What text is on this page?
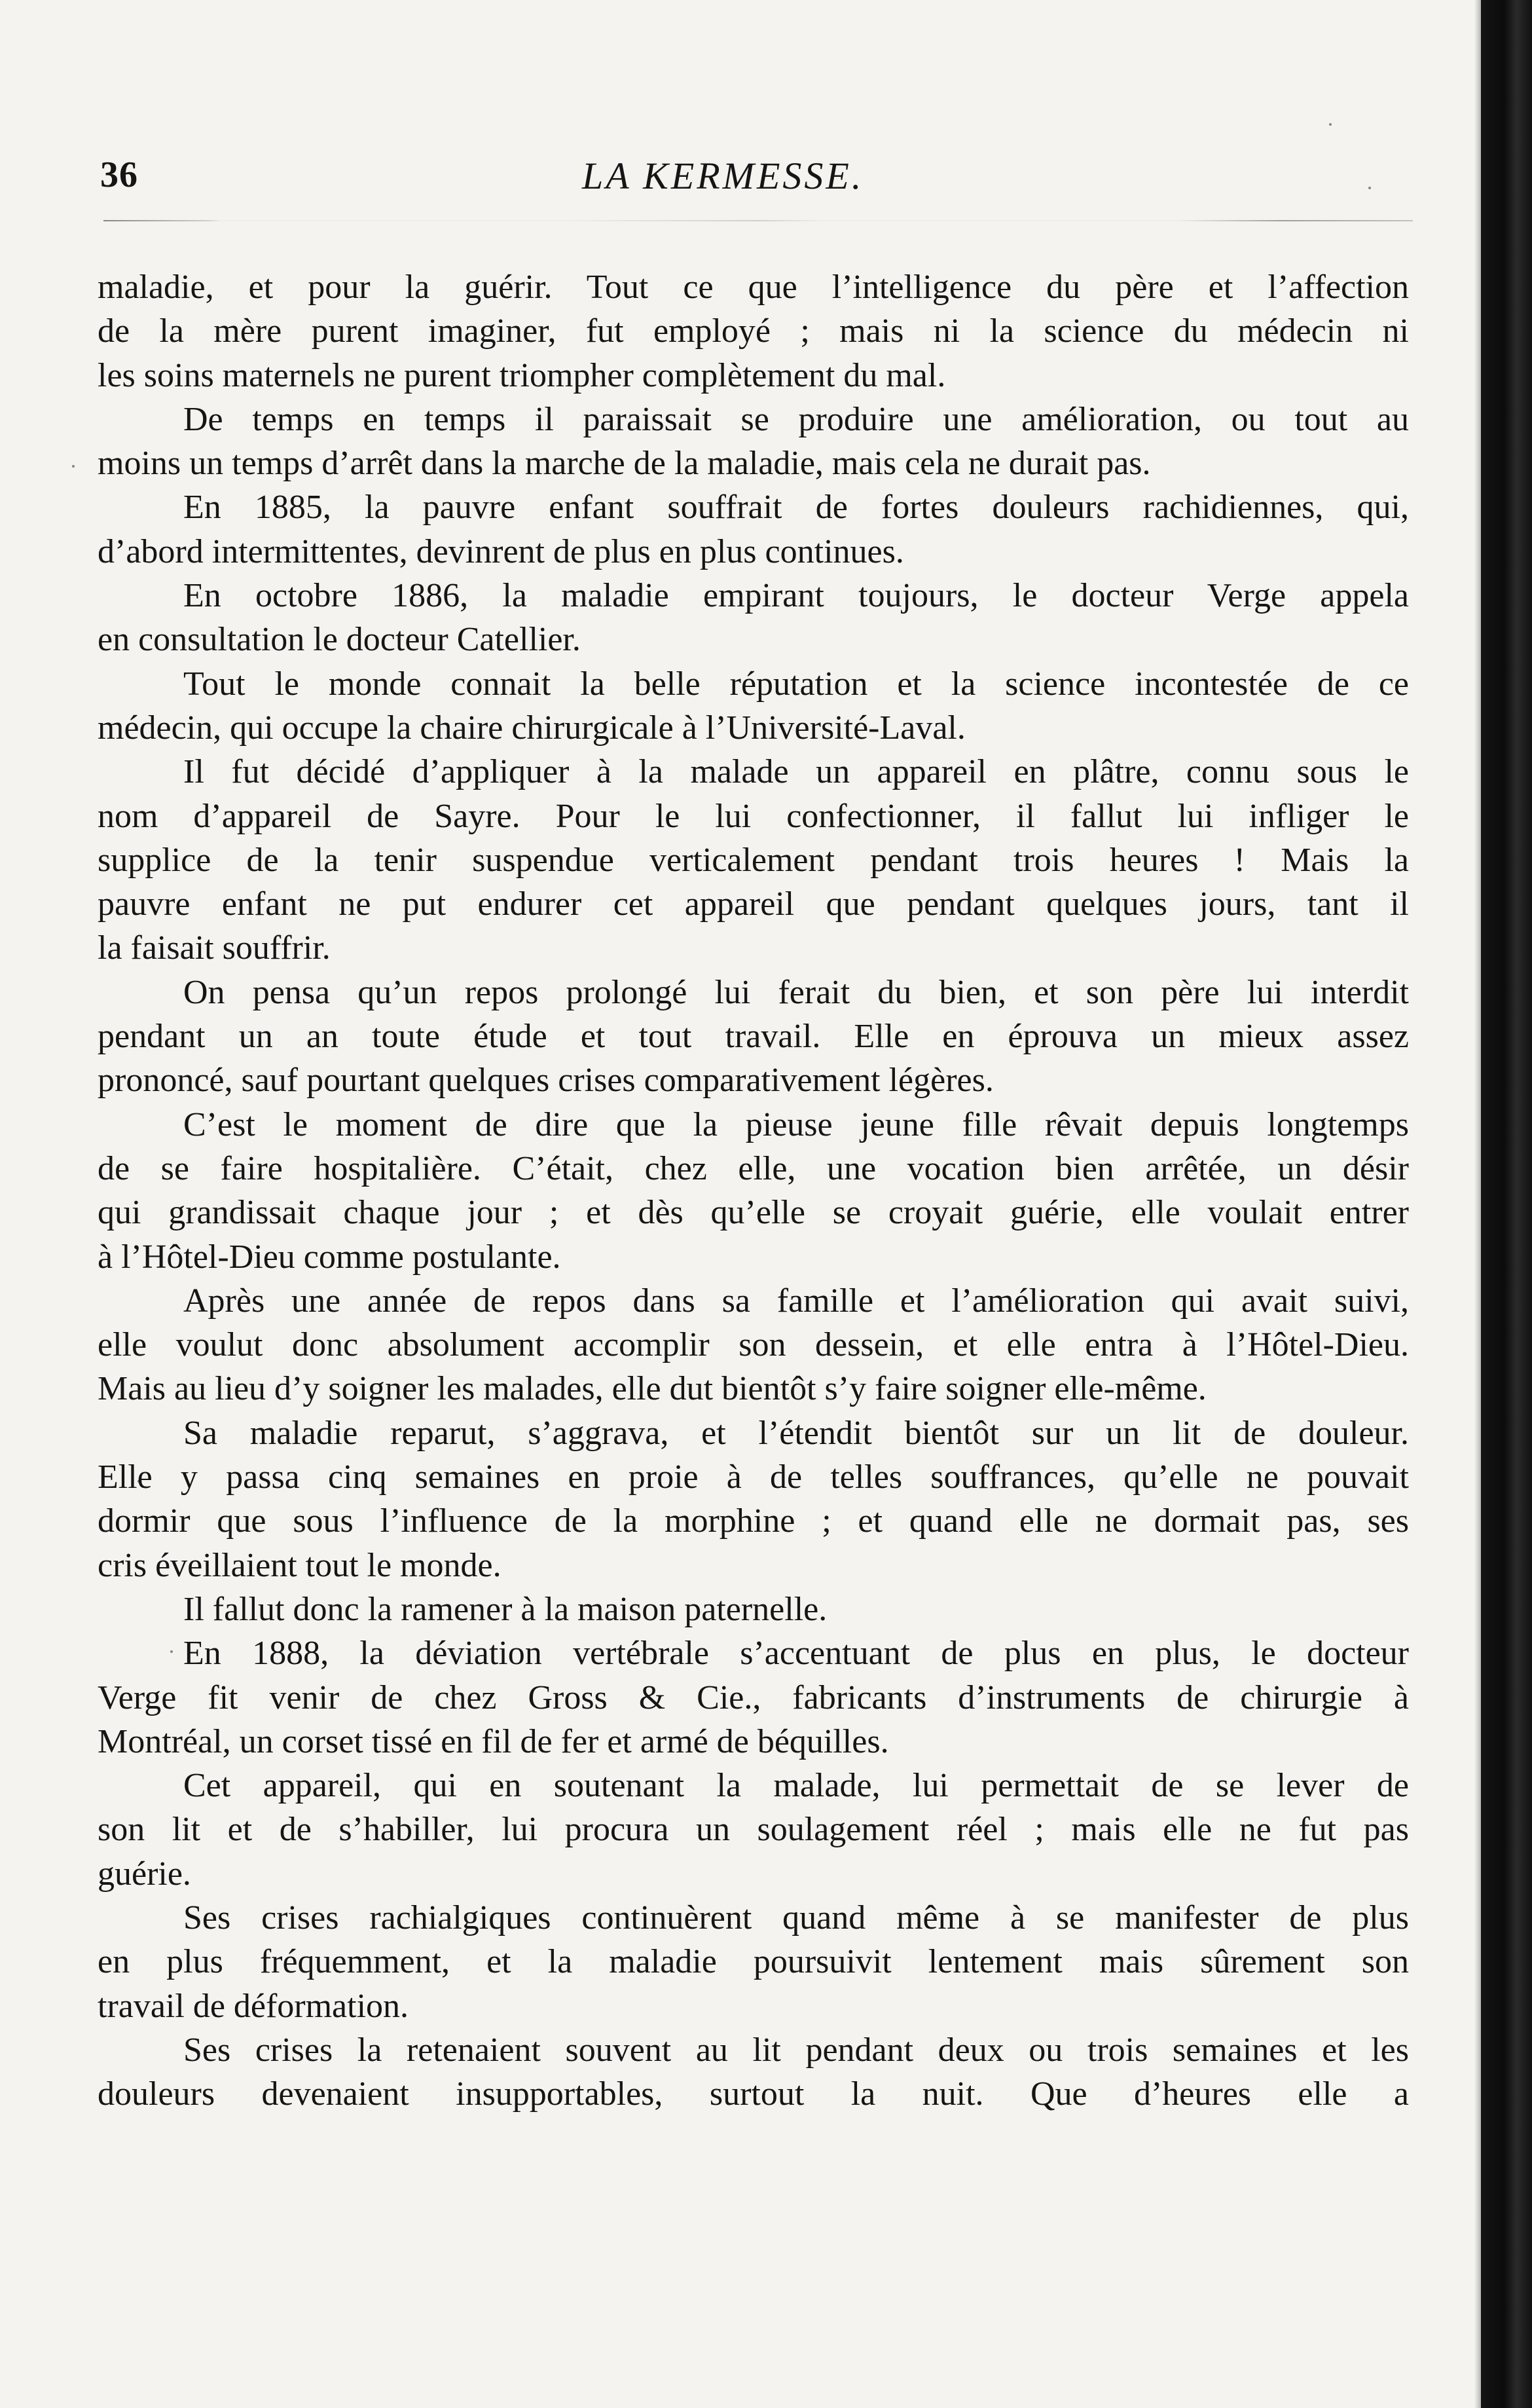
36	LA KERMESSE.
maladie, et pour la guérir. Tout ce que l’intelligence du père et l’affection
de la mère purent imaginer, fut employé ; mais ni la science du médecin ni
les soins maternels ne purent triompher complètement du mal.
De temps en temps il paraissait se produire une amélioration, ou tout au
moins un temps d’arrêt dans la marche de la maladie, mais cela ne durait pas.
En 1885, la pauvre enfant souffrait de fortes douleurs rachidiennes, qui,
d’abord intermittentes, devinrent de plus en plus continues.
En octobre 1886, la maladie empirant toujours, le docteur Verge appela
en consultation le docteur Catellier.
Tout le monde connait la belle réputation et la science incontestée de ce
médecin, qui occupe la chaire chirurgicale à l’Université-Laval.
Il fut décidé d’appliquer à la malade un appareil en plâtre, connu sous le
nom d’appareil de Sayre. Pour le lui confectionner, il fallut lui infliger le
supplice de la tenir suspendue verticalement pendant trois heures ! Mais la
pauvre enfant ne put endurer cet appareil que pendant quelques jours, tant il
la faisait souffrir.
On pensa qu’un repos prolongé lui ferait du bien, et son père lui interdit
pendant un an toute étude et tout travail. Elle en éprouva un mieux assez
prononcé, sauf pourtant quelques crises comparativement légères.
C’est le moment de dire que la pieuse jeune fille rêvait depuis longtemps
de se faire hospitalière. C’était, chez elle, une vocation bien arrêtée, un désir
qui grandissait chaque jour ; et dès qu’elle se croyait guérie, elle voulait entrer
à l’Hôtel-Dieu comme postulante.
Après une année de repos dans sa famille et l’amélioration qui avait suivi,
elle voulut donc absolument accomplir son dessein, et elle entra à l’Hôtel-Dieu.
Mais au lieu d’y soigner les malades, elle dut bientôt s’y faire soigner elle-même.
Sa maladie reparut, s’aggrava, et l’étendit bientôt sur un lit de douleur.
Elle y passa cinq semaines en proie à de telles souffrances, qu’elle ne pouvait
dormir que sous l’influence de la morphine ; et quand elle ne dormait pas, ses
cris éveillaient tout le monde.
Il fallut donc la ramener à la maison paternelle.
En 1888, la déviation vertébrale s’accentuant de plus en plus, le docteur
Verge fit venir de chez Gross & Cie., fabricants d’instruments de chirurgie à
Montréal, un corset tissé en fil de fer et armé de béquilles.
Cet appareil, qui en soutenant la malade, lui permettait de se lever de
son lit et de s’habiller, lui procura un soulagement réel ; mais elle ne fut pas
guérie.
Ses crises rachialgiques continuèrent quand même à se manifester de plus
en plus fréquemment, et la maladie poursuivit lentement mais sûrement son
travail de déformation.
Ses crises la retenaient souvent au lit pendant deux ou trois semaines et les
douleurs devenaient insupportables, surtout la nuit. Que d’heures elle a
